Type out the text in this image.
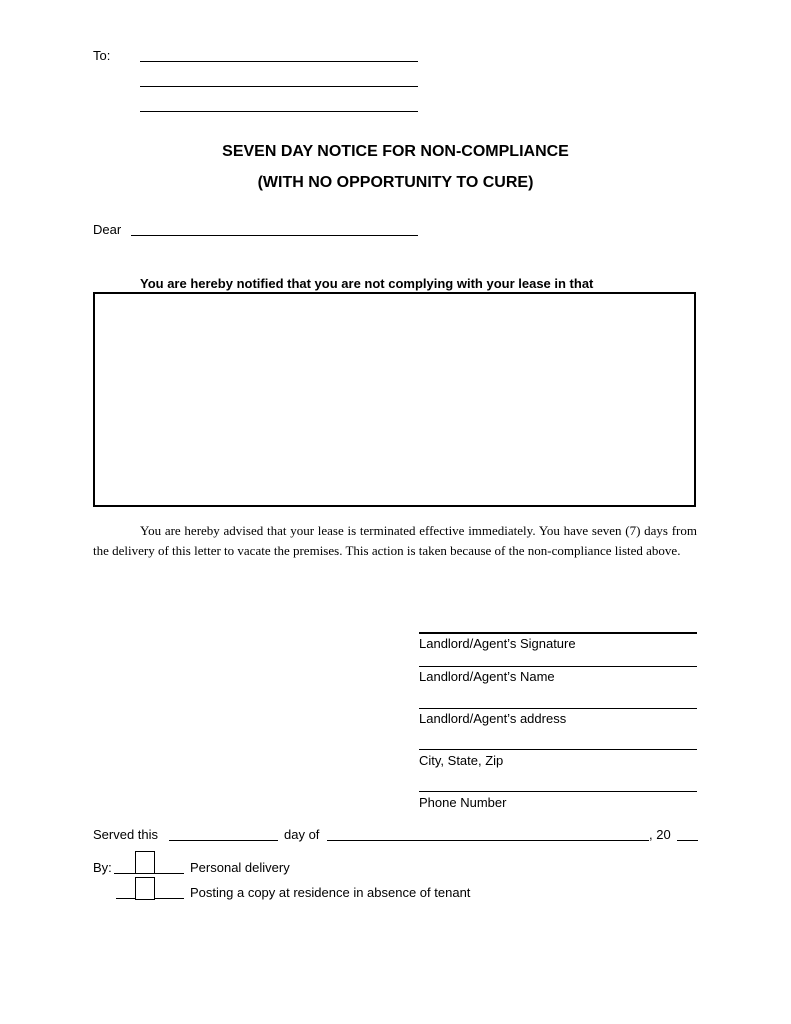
To:
SEVEN DAY NOTICE FOR NON-COMPLIANCE
(WITH NO OPPORTUNITY TO CURE)
Dear
You are hereby notified that you are not complying with your lease in that

You are hereby advised that your lease is terminated effective immediately. You have seven (7) days from the delivery of this letter to vacate the premises. This action is taken because of the non-compliance listed above.

Landlord/Agent’s Signature
Landlord/Agent’s Name
Landlord/Agent’s address
City, State, Zip
Phone Number
Served this	day of	, 20
By:	Personal delivery
Posting a copy at residence in absence of tenant
